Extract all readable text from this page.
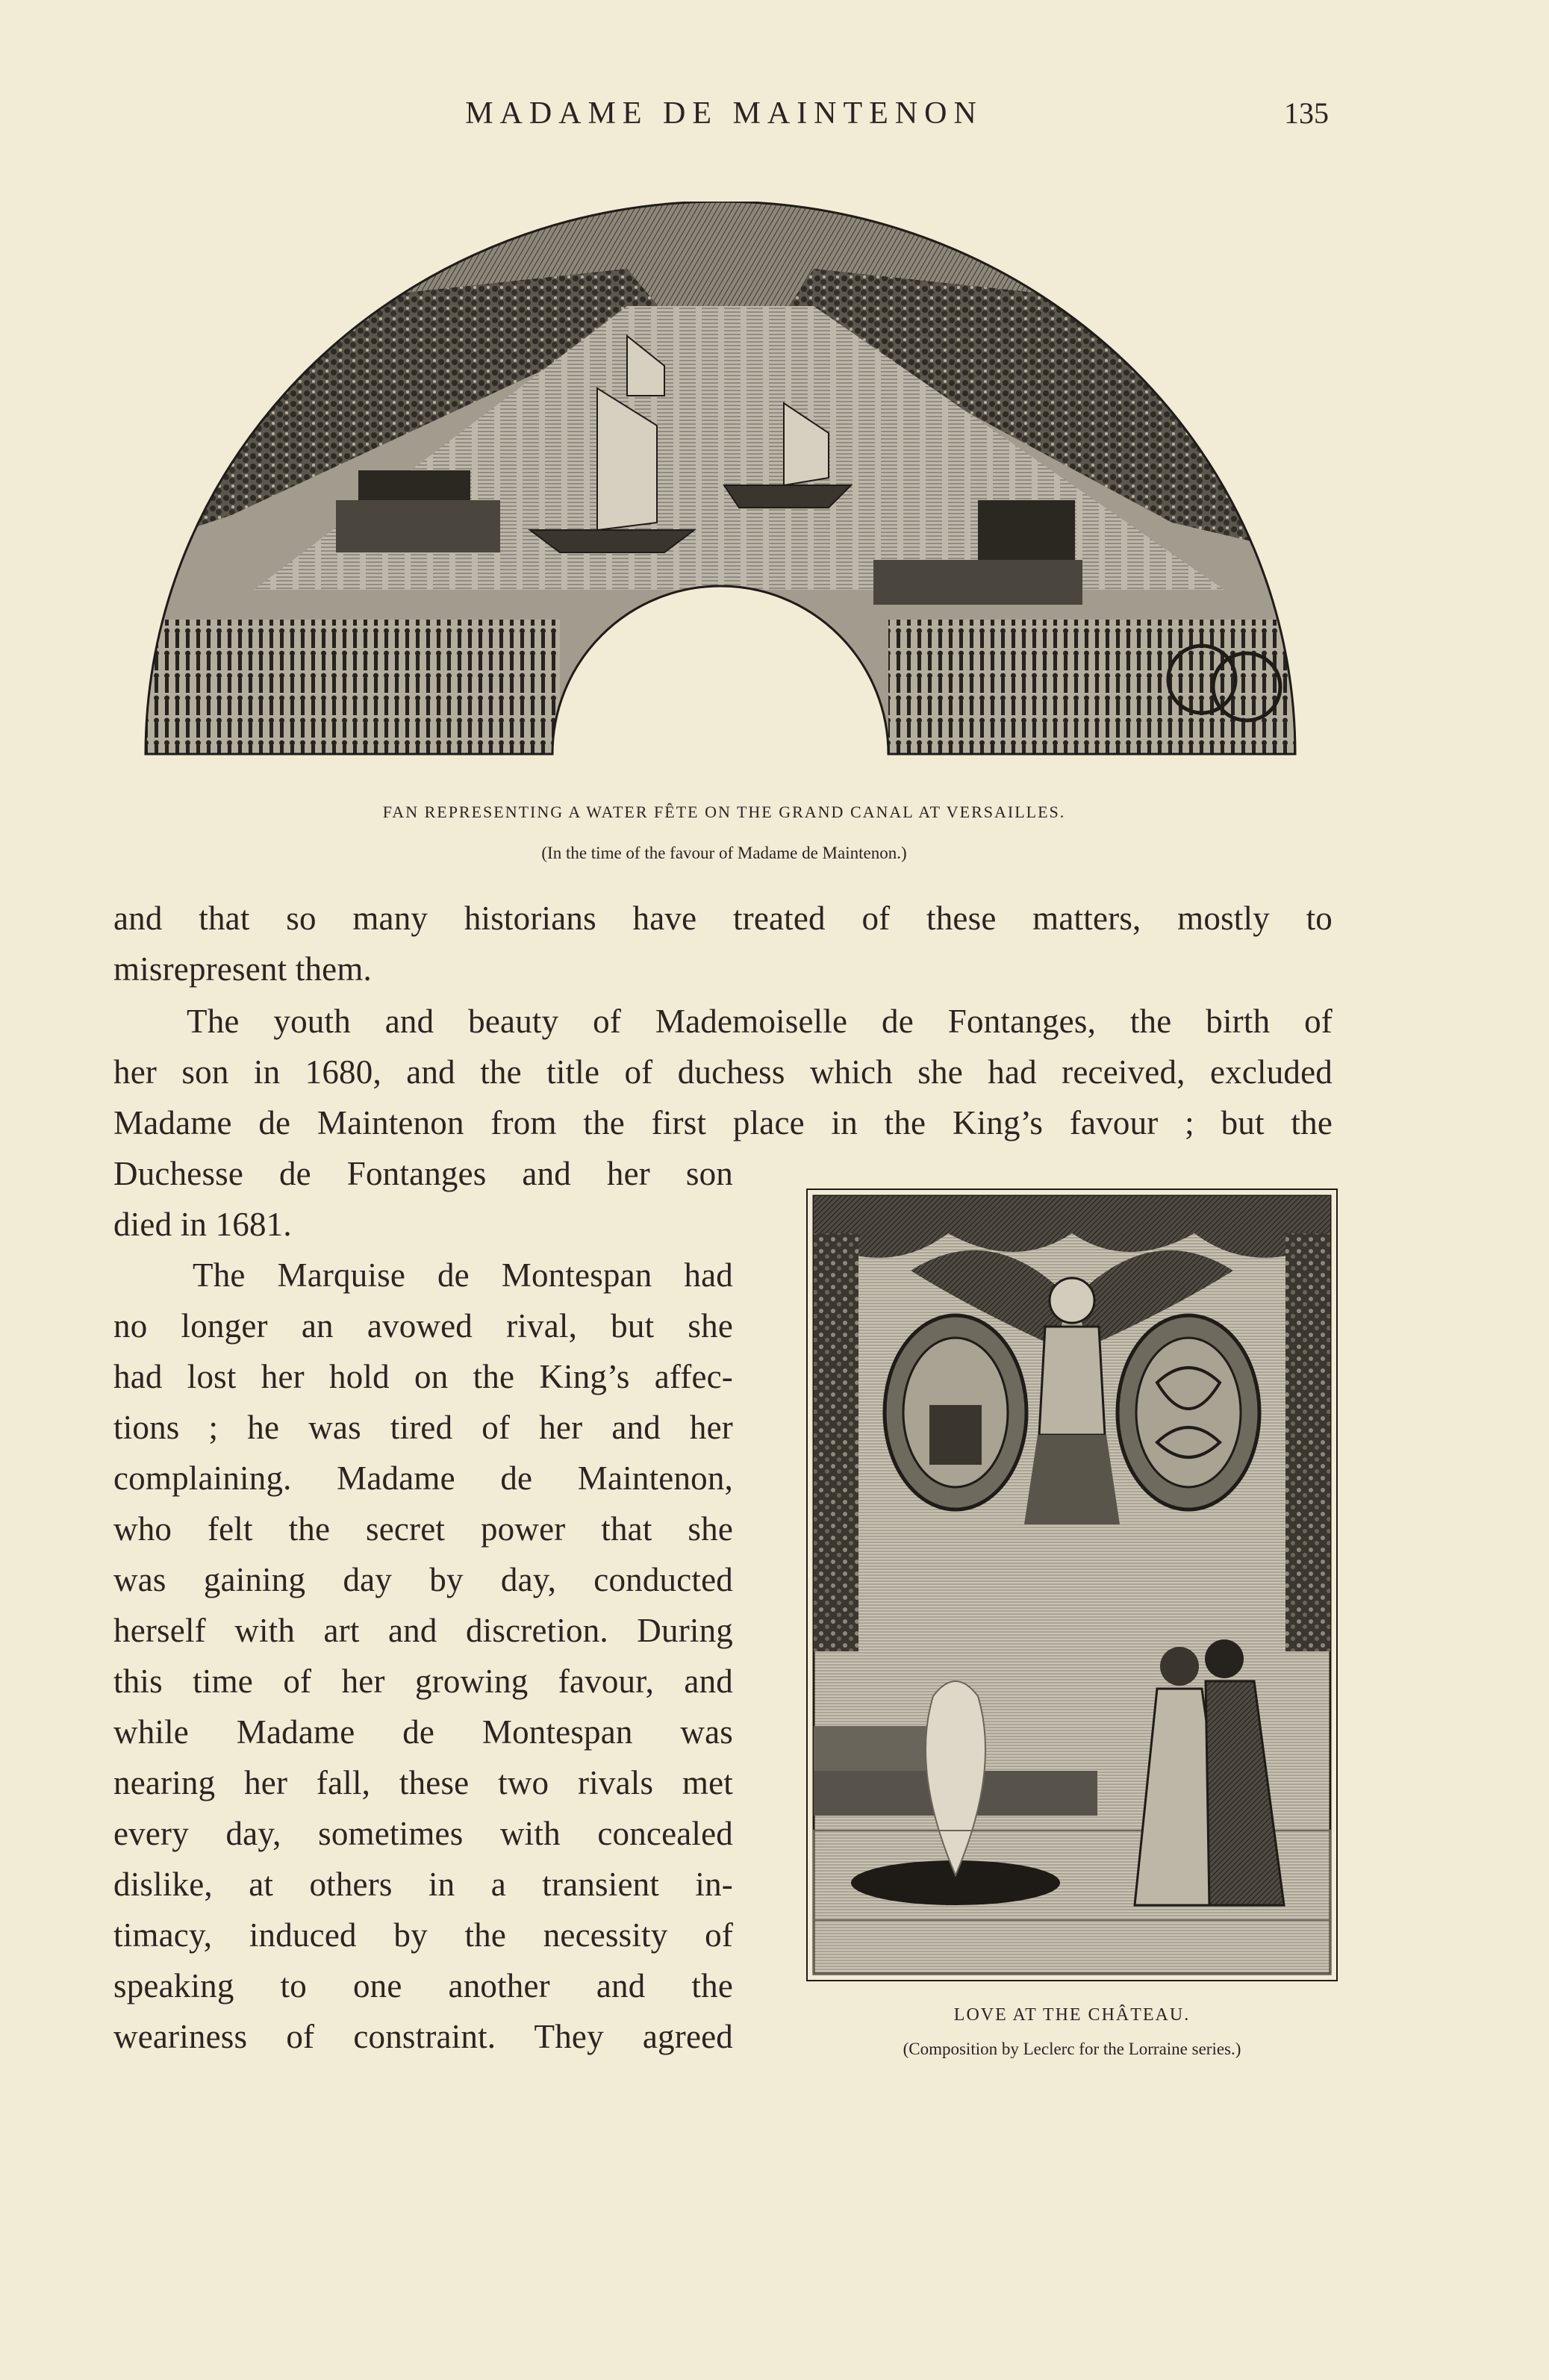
MADAME DE MAINTENON	135
FAN REPRESENTING A WATER FÊTE ON THE GRAND CANAL AT VERSAILLES.
(In the time of the favour of Madame de Maintenon.)
and that so many historians have treated of these matters, mostly to
misrepresent them.
The youth and beauty of Mademoiselle de Fontanges, the birth of
her son in 1680, and the title of duchess which she had received, excluded
Madame de Maintenon from the first place in the King’s favour ; but the
Duchesse de Fontanges and her son
died in 1681.
The Marquise de Montespan had
no longer an avowed rival, but she
had lost her hold on the King’s affec-
tions ; he was tired of her and her
complaining. Madame de Maintenon,
who felt the secret power that she
was gaining day by day, conducted
herself with art and discretion. During
this time of her growing favour, and
while Madame de Montespan was
nearing her fall, these two rivals met
every day, sometimes with concealed
dislike, at others in a transient in-
timacy, induced by the necessity of
speaking to one another and the
weariness of constraint. They agreed
LOVE AT THE CHÂTEAU.
(Composition by Leclerc for the Lorraine series.)
